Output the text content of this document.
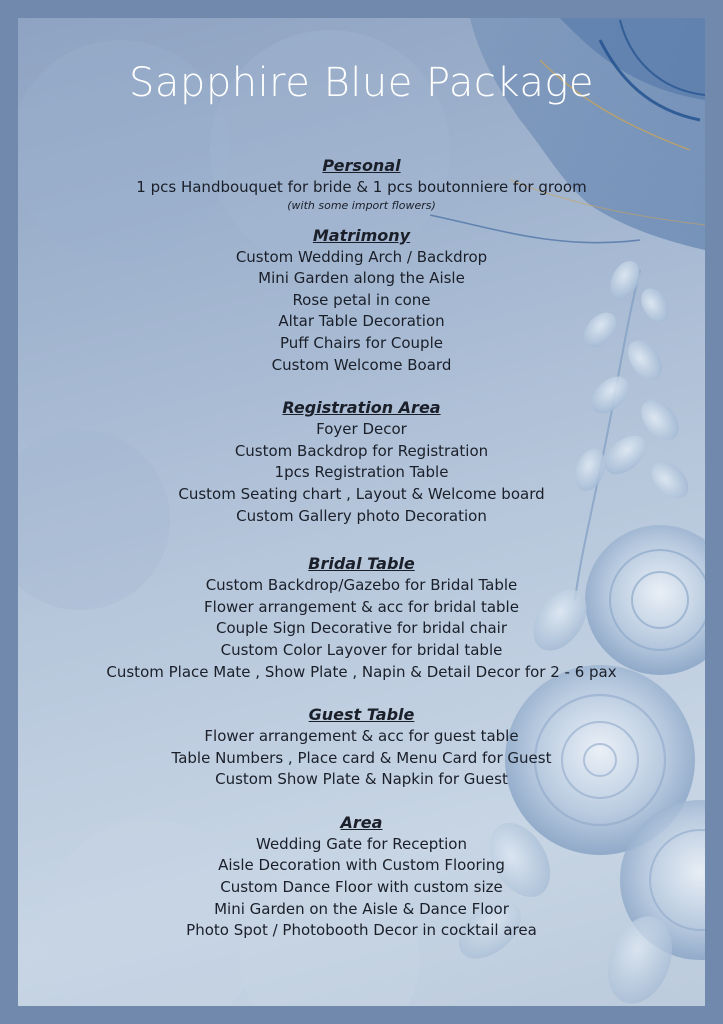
Sapphire Blue Package
Personal
1 pcs Handbouquet for bride & 1 pcs boutonniere for groom
(with some import flowers)
Matrimony
Custom Wedding Arch / Backdrop
Mini Garden along the Aisle
Rose petal in cone
Altar Table Decoration
Puff Chairs for Couple
Custom Welcome Board
Registration Area
Foyer Decor
Custom Backdrop for Registration
1pcs Registration Table
Custom Seating chart , Layout & Welcome board
Custom Gallery photo Decoration
Bridal Table
Custom Backdrop/Gazebo for Bridal Table
Flower arrangement & acc for bridal table
Couple Sign Decorative for bridal chair
Custom Color Layover for bridal table
Custom Place Mate , Show Plate , Napin & Detail Decor for 2 - 6 pax
Guest Table
Flower arrangement & acc for guest table
Table Numbers , Place card & Menu Card for Guest
Custom Show Plate & Napkin for Guest
Area
Wedding Gate for Reception
Aisle Decoration with Custom Flooring
Custom Dance Floor with custom size
Mini Garden on the Aisle & Dance Floor
Photo Spot / Photobooth Decor in cocktail area
